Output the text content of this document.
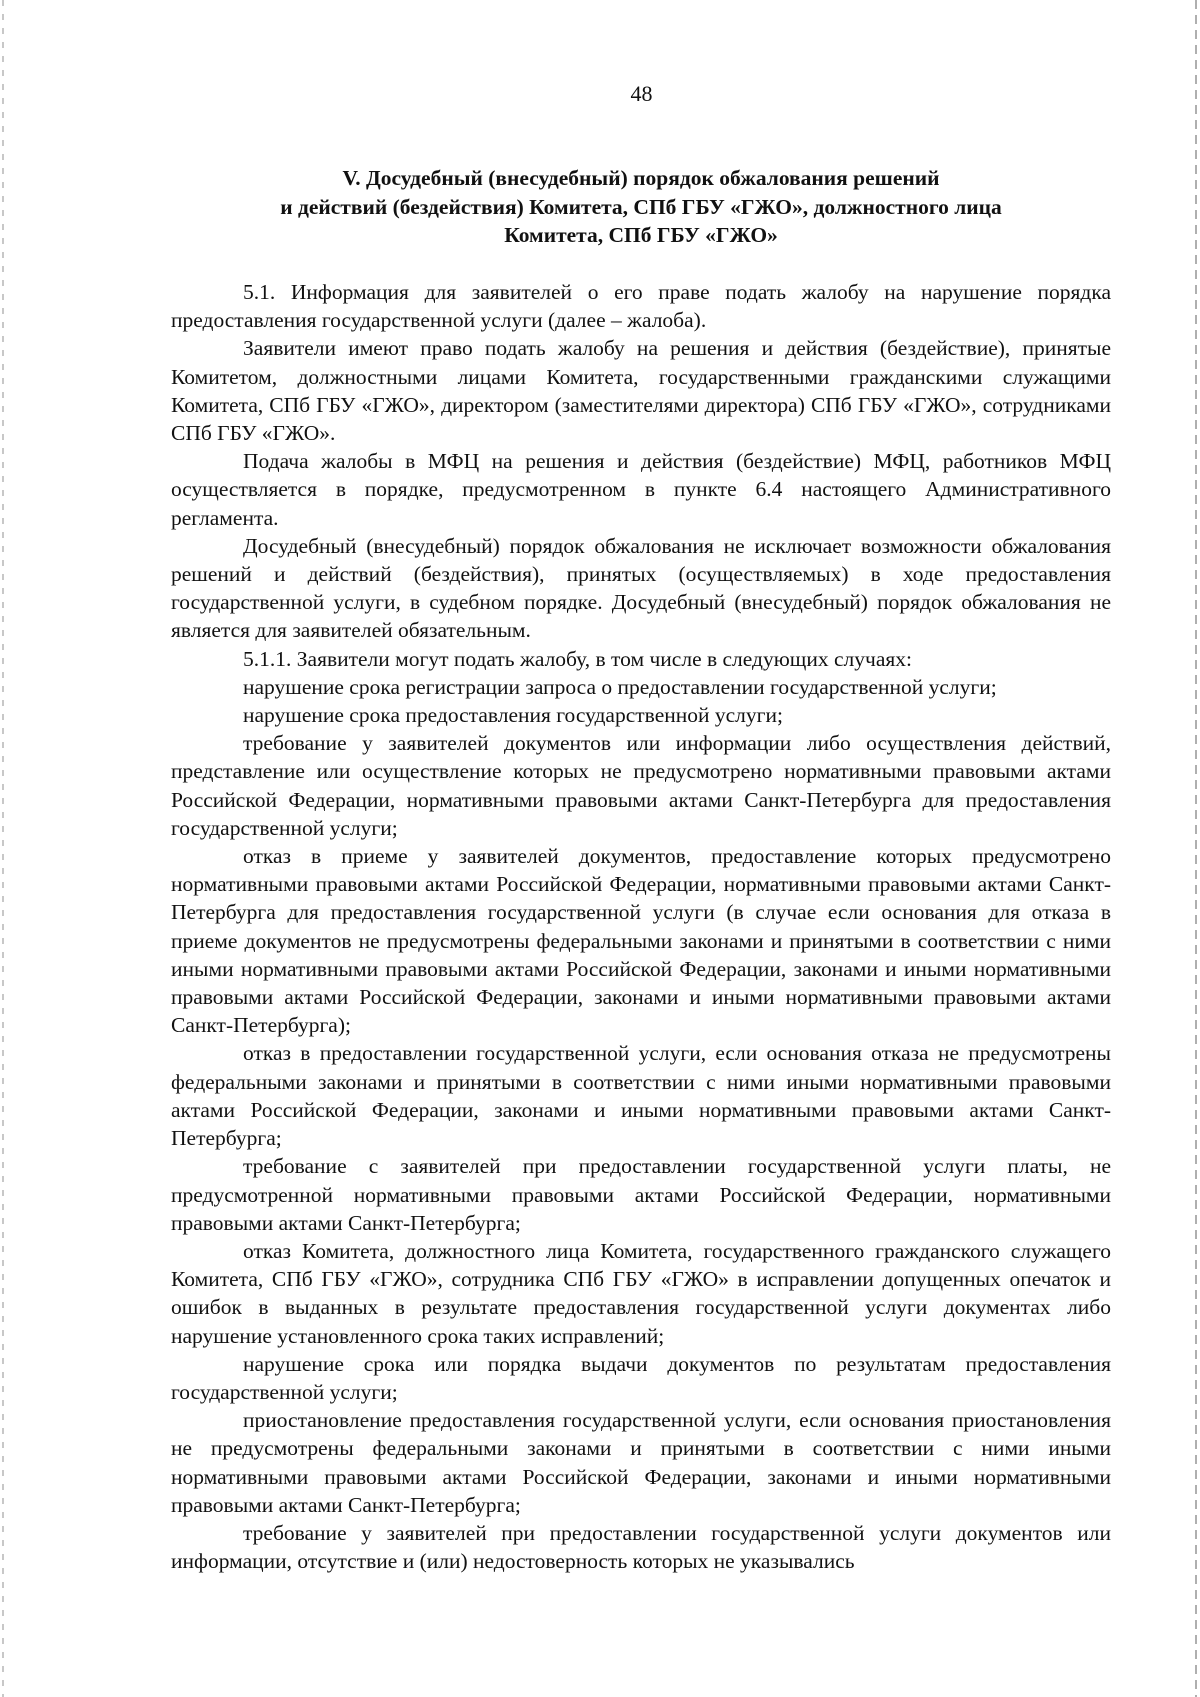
48
V. Досудебный (внесудебный) порядок обжалования решений
и действий (бездействия) Комитета, СПб ГБУ «ГЖО», должностного лица
Комитета, СПб ГБУ «ГЖО»

5.1. Информация для заявителей о его праве подать жалобу на нарушение порядка предоставления государственной услуги (далее – жалоба).

Заявители имеют право подать жалобу на решения и действия (бездействие), принятые Комитетом, должностными лицами Комитета, государственными гражданскими служащими Комитета, СПб ГБУ «ГЖО», директором (заместителями директора) СПб ГБУ «ГЖО», сотрудниками СПб ГБУ «ГЖО».

Подача жалобы в МФЦ на решения и действия (бездействие) МФЦ, работников МФЦ осуществляется в порядке, предусмотренном в пункте 6.4 настоящего Административного регламента.

Досудебный (внесудебный) порядок обжалования не исключает возможности обжалования решений и действий (бездействия), принятых (осуществляемых) в ходе предоставления государственной услуги, в судебном порядке. Досудебный (внесудебный) порядок обжалования не является для заявителей обязательным.

5.1.1. Заявители могут подать жалобу, в том числе в следующих случаях:

нарушение срока регистрации запроса о предоставлении государственной услуги;

нарушение срока предоставления государственной услуги;

требование у заявителей документов или информации либо осуществления действий, представление или осуществление которых не предусмотрено нормативными правовыми актами Российской Федерации, нормативными правовыми актами Санкт-Петербурга для предоставления государственной услуги;

отказ в приеме у заявителей документов, предоставление которых предусмотрено нормативными правовыми актами Российской Федерации, нормативными правовыми актами Санкт-Петербурга для предоставления государственной услуги (в случае если основания для отказа в приеме документов не предусмотрены федеральными законами и принятыми в соответствии с ними иными нормативными правовыми актами Российской Федерации, законами и иными нормативными правовыми актами Российской Федерации, законами и иными нормативными правовыми актами Санкт-Петербурга);

отказ в предоставлении государственной услуги, если основания отказа не предусмотрены федеральными законами и принятыми в соответствии с ними иными нормативными правовыми актами Российской Федерации, законами и иными нормативными правовыми актами Санкт-Петербурга;

требование с заявителей при предоставлении государственной услуги платы, не предусмотренной нормативными правовыми актами Российской Федерации, нормативными правовыми актами Санкт-Петербурга;

отказ Комитета, должностного лица Комитета, государственного гражданского служащего Комитета, СПб ГБУ «ГЖО», сотрудника СПб ГБУ «ГЖО» в исправлении допущенных опечаток и ошибок в выданных в результате предоставления государственной услуги документах либо нарушение установленного срока таких исправлений;

нарушение срока или порядка выдачи документов по результатам предоставления государственной услуги;

приостановление предоставления государственной услуги, если основания приостановления не предусмотрены федеральными законами и принятыми в соответствии с ними иными нормативными правовыми актами Российской Федерации, законами и иными нормативными правовыми актами Санкт-Петербурга;

требование у заявителей при предоставлении государственной услуги документов или информации, отсутствие и (или) недостоверность которых не указывались
